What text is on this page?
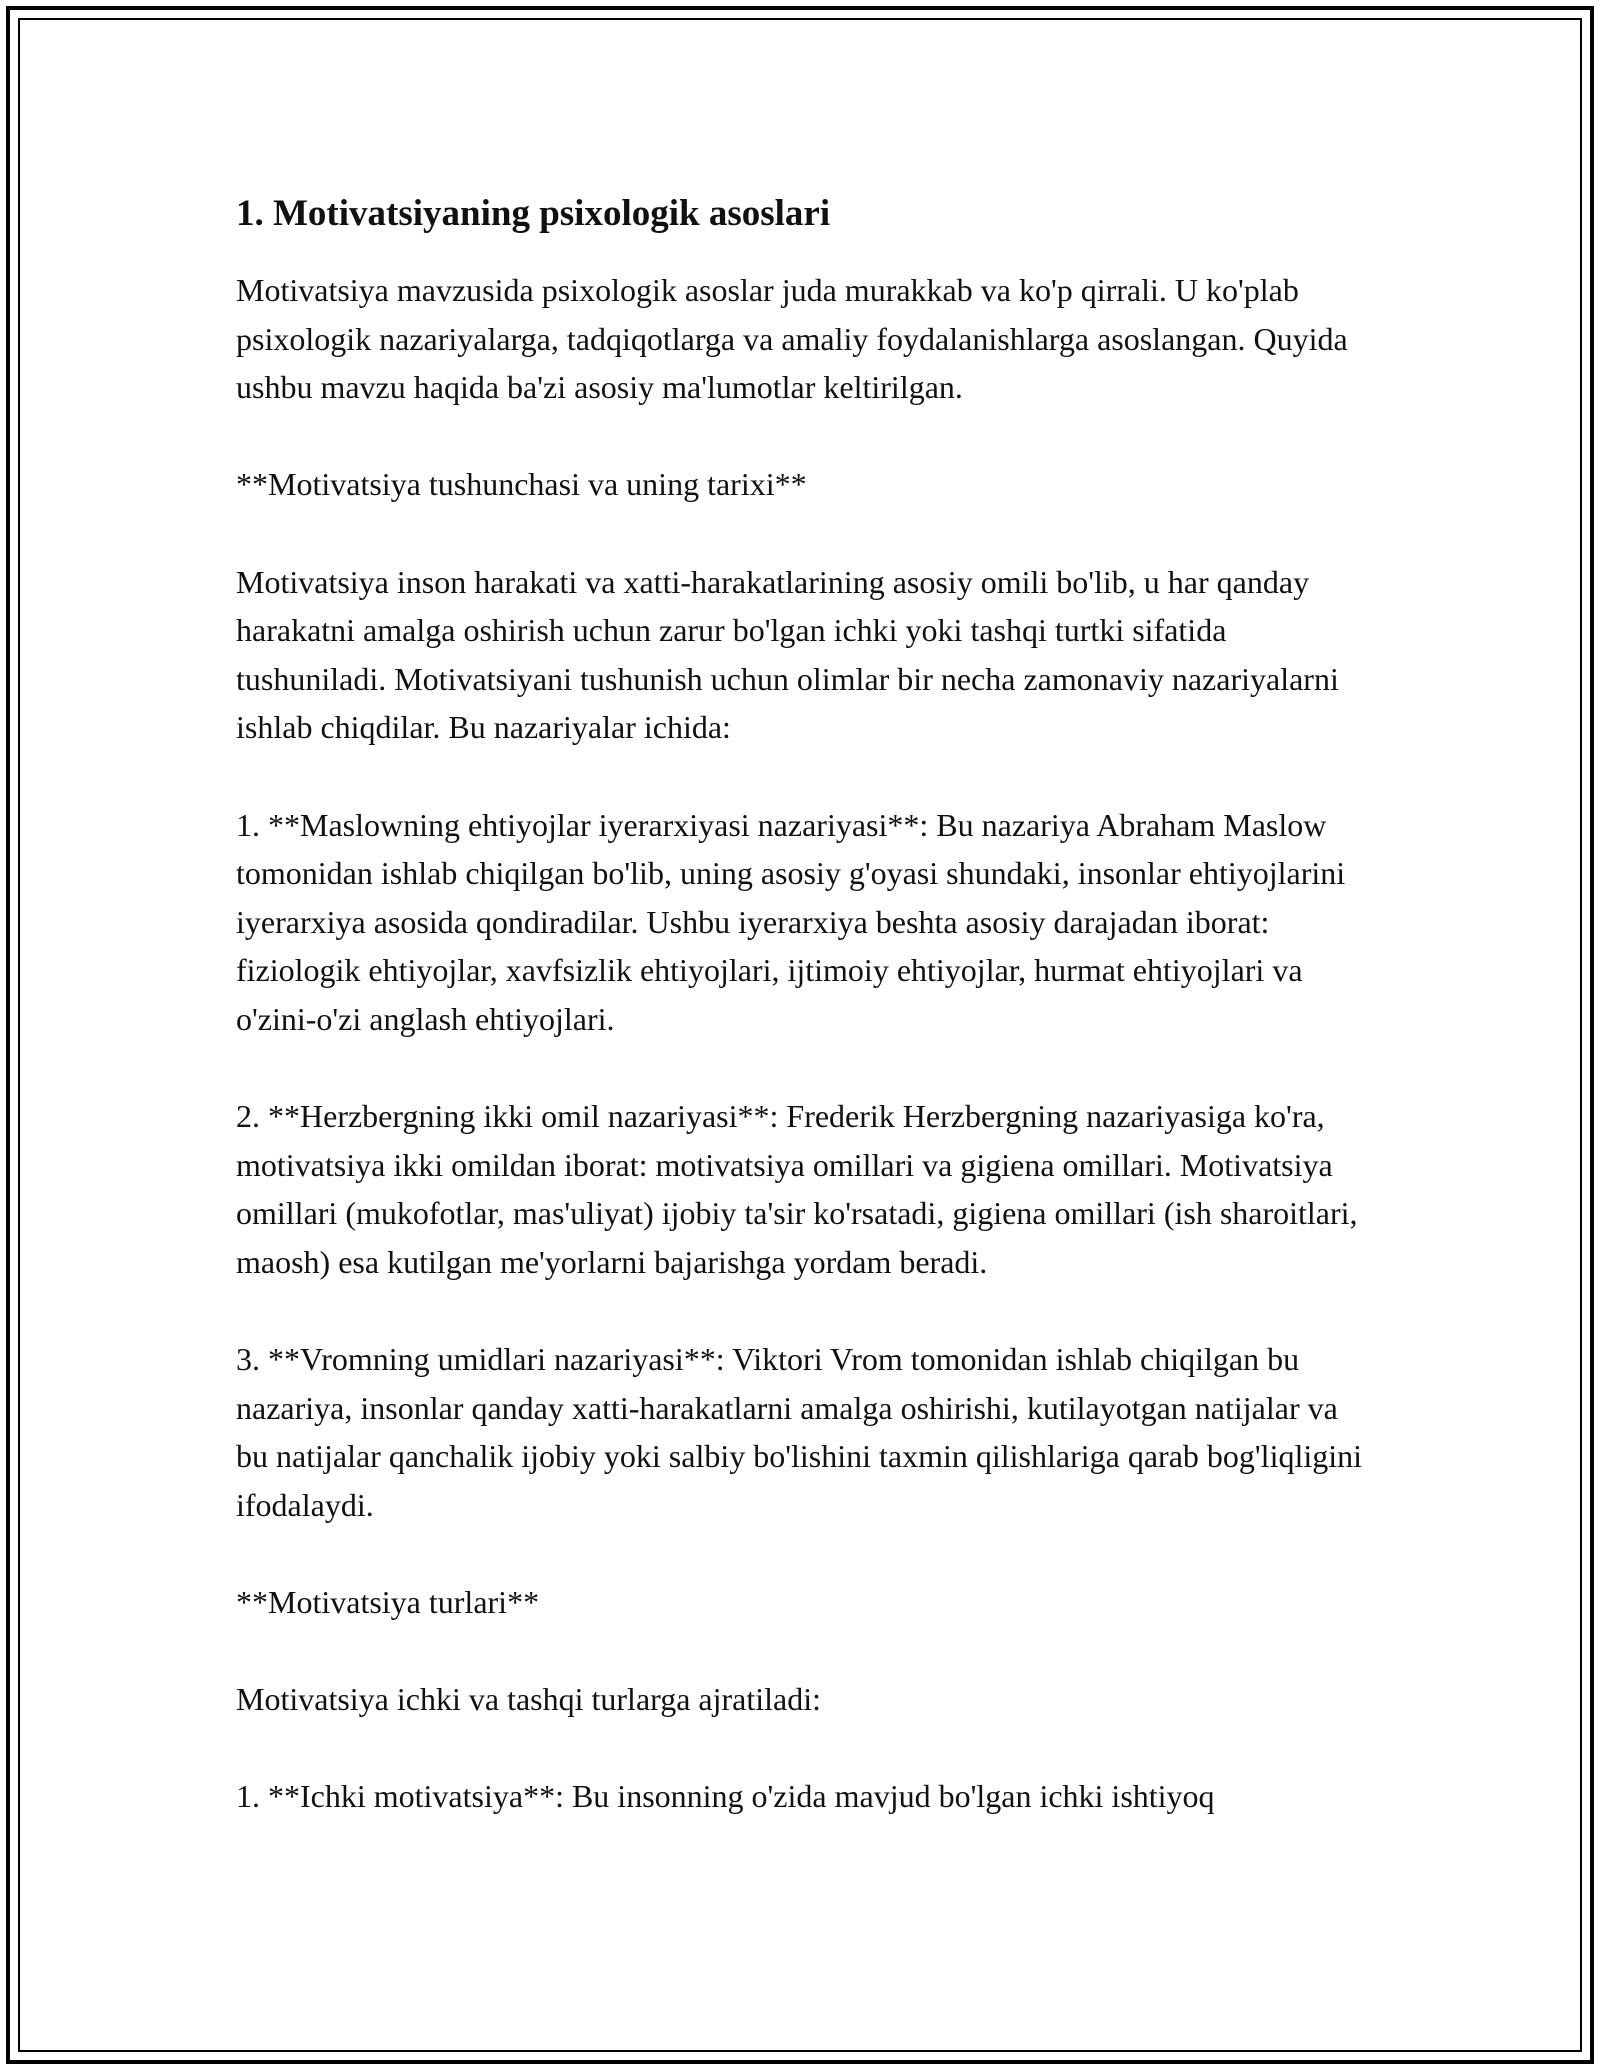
1. Motivatsiyaning psixologik asoslari

Motivatsiya mavzusida psixologik asoslar juda murakkab va ko'p qirrali. U ko'plab psixologik nazariyalarga, tadqiqotlarga va amaliy foydalanishlarga asoslangan. Quyida ushbu mavzu haqida ba'zi asosiy ma'lumotlar keltirilgan.

**Motivatsiya tushunchasi va uning tarixi**

Motivatsiya inson harakati va xatti-harakatlarining asosiy omili bo'lib, u har qanday harakatni amalga oshirish uchun zarur bo'lgan ichki yoki tashqi turtki sifatida tushuniladi. Motivatsiyani tushunish uchun olimlar bir necha zamonaviy nazariyalarni ishlab chiqdilar. Bu nazariyalar ichida:

1. **Maslowning ehtiyojlar iyerarxiyasi nazariyasi**: Bu nazariya Abraham Maslow tomonidan ishlab chiqilgan bo'lib, uning asosiy g'oyasi shundaki, insonlar ehtiyojlarini iyerarxiya asosida qondiradilar. Ushbu iyerarxiya beshta asosiy darajadan iborat: fiziologik ehtiyojlar, xavfsizlik ehtiyojlari, ijtimoiy ehtiyojlar, hurmat ehtiyojlari va o'zini-o'zi anglash ehtiyojlari.

2. **Herzbergning ikki omil nazariyasi**: Frederik Herzbergning nazariyasiga ko'ra, motivatsiya ikki omildan iborat: motivatsiya omillari va gigiena omillari. Motivatsiya omillari (mukofotlar, mas'uliyat) ijobiy ta'sir ko'rsatadi, gigiena omillari (ish sharoitlari, maosh) esa kutilgan me'yorlarni bajarishga yordam beradi.

3. **Vromning umidlari nazariyasi**: Viktori Vrom tomonidan ishlab chiqilgan bu nazariya, insonlar qanday xatti-harakatlarni amalga oshirishi, kutilayotgan natijalar va bu natijalar qanchalik ijobiy yoki salbiy bo'lishini taxmin qilishlariga qarab bog'liqligini ifodalaydi.

**Motivatsiya turlari**

Motivatsiya ichki va tashqi turlarga ajratiladi:

1. **Ichki motivatsiya**: Bu insonning o'zida mavjud bo'lgan ichki ishtiyoq
